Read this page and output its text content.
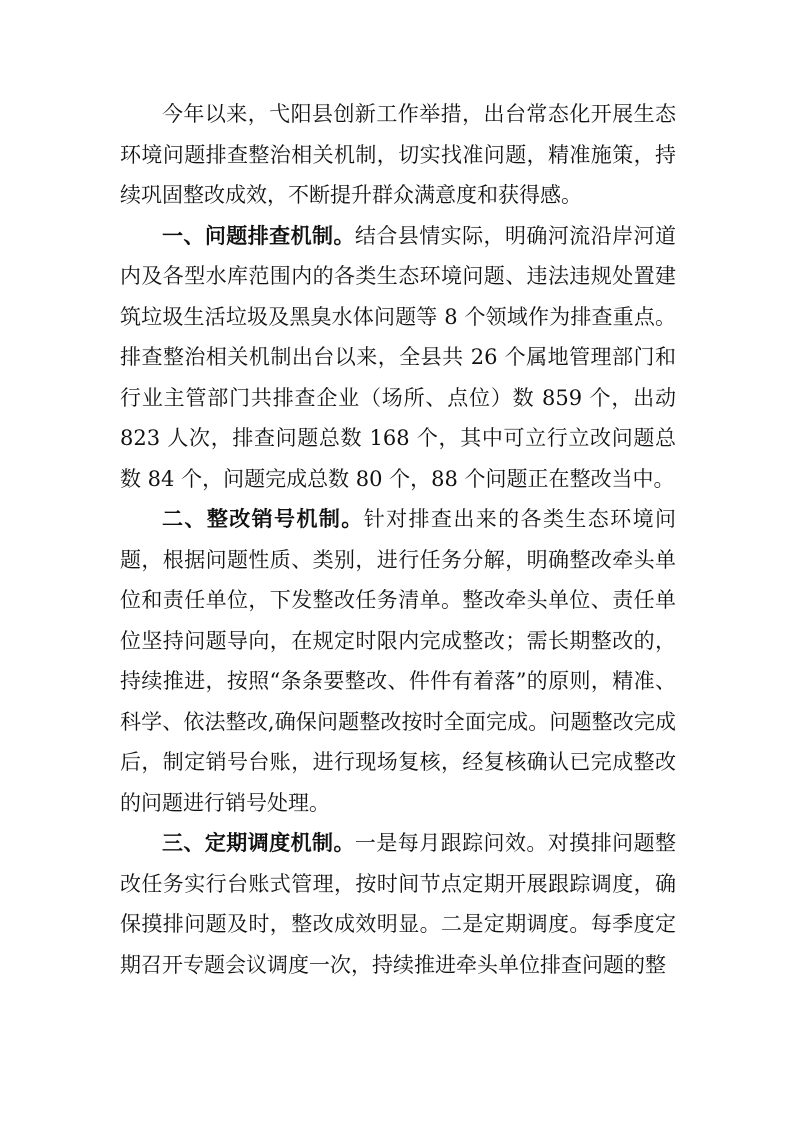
今年以来，弋阳县创新工作举措，出台常态化开展生态环境问题排查整治相关机制，切实找准问题，精准施策，持续巩固整改成效，不断提升群众满意度和获得感。

一、问题排查机制。结合县情实际，明确河流沿岸河道内及各型水库范围内的各类生态环境问题、违法违规处置建筑垃圾生活垃圾及黑臭水体问题等 8 个领域作为排查重点。排查整治相关机制出台以来，全县共 26 个属地管理部门和行业主管部门共排查企业（场所、点位）数 859 个，出动 823 人次，排查问题总数 168 个，其中可立行立改问题总数 84 个，问题完成总数 80 个，88 个问题正在整改当中。

二、整改销号机制。针对排查出来的各类生态环境问题，根据问题性质、类别，进行任务分解，明确整改牵头单位和责任单位，下发整改任务清单。整改牵头单位、责任单位坚持问题导向，在规定时限内完成整改；需长期整改的，持续推进，按照“条条要整改、件件有着落”的原则，精准、科学、依法整改,确保问题整改按时全面完成。问题整改完成后，制定销号台账，进行现场复核，经复核确认已完成整改的问题进行销号处理。

三、定期调度机制。一是每月跟踪问效。对摸排问题整改任务实行台账式管理，按时间节点定期开展跟踪调度，确保摸排问题及时，整改成效明显。二是定期调度。每季度定期召开专题会议调度一次，持续推进牵头单位排查问题的整
